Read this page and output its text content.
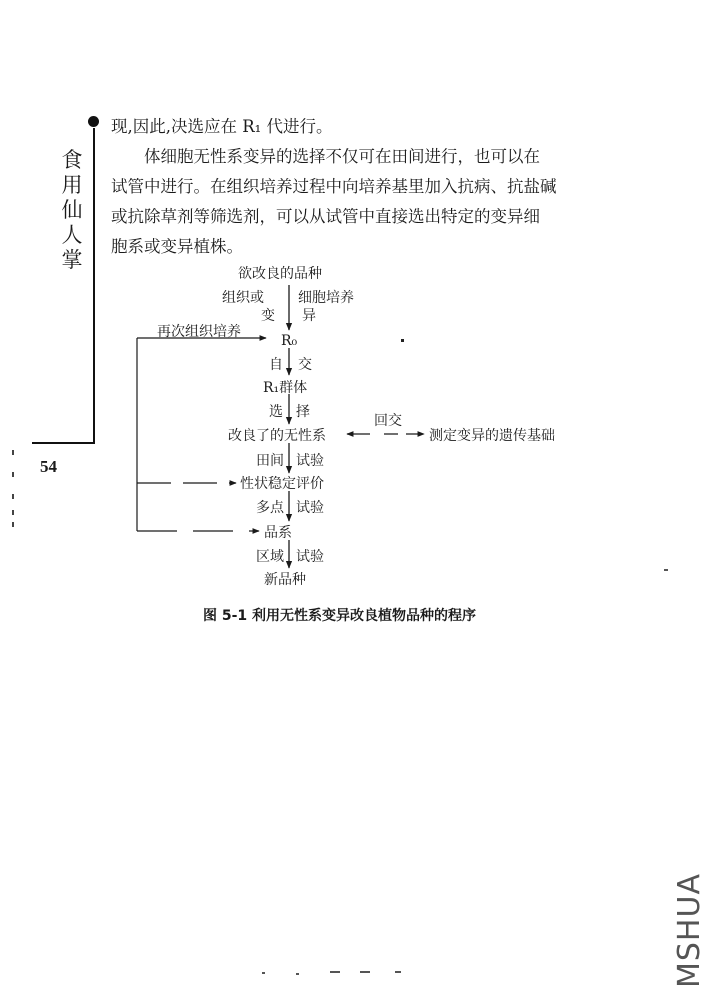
食
用
仙
人
掌
54
现,因此,决选应在 R₁ 代进行。
体细胞无性系变异的选择不仅可在田间进行，也可以在
试管中进行。在组织培养过程中向培养基里加入抗病、抗盐碱
或抗除草剂等筛选剂，可以从试管中直接选出特定的变异细
胞系或变异植株。
欲改良的品种
组织或
变
细胞培养
异
R₀
再次组织培养
自 交
R₁群体
选 择
改良了的无性系
回交
测定变异的遗传基础
田间 试验
性状稳定评价
多点 试验
品系
区域 试验
新品种
图 5-1 利用无性系变异改良植物品种的程序
MSHUA
